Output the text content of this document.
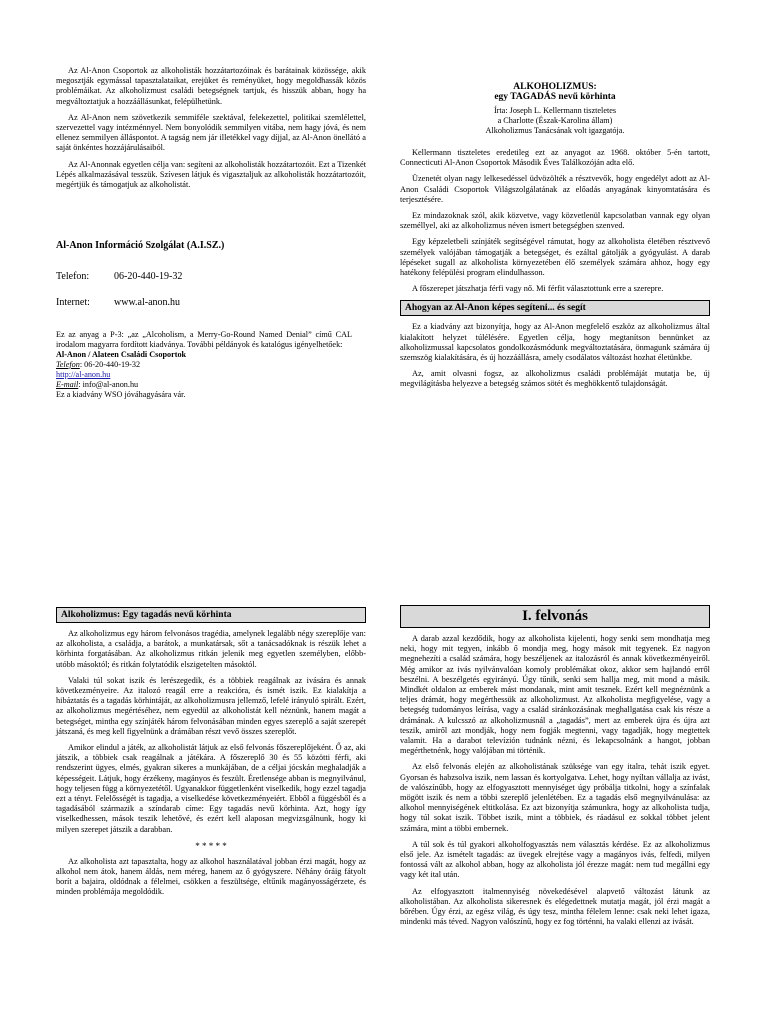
Az Al-Anon Csoportok az alkoholisták hozzátartozóinak és barátainak közössége, akik megosztják egymással tapasztalataikat, erejüket és reményüket, hogy megoldhassák közös problémáikat. Az alkoholizmust családi betegségnek tartjuk, és hisszük abban, hogy ha megváltoztatjuk a hozzáállásunkat, felépülhetünk.

Az Al-Anon nem szövetkezik semmiféle szektával, felekezettel, politikai szemlélettel, szervezettel vagy intézménnyel. Nem bonyolódik semmilyen vitába, nem hagy jóvá, és nem ellenez semmilyen álláspontot. A tagság nem jár illetékkel vagy díjjal, az Al-Anon önellátó a saját önkéntes hozzájárulásaiból.

Az Al-Anonnak egyetlen célja van: segíteni az alkoholisták hozzátartozóit. Ezt a Tizenkét Lépés alkalmazásával tesszük. Szívesen látjuk és vigasztaljuk az alkoholisták hozzátartozóit, megértjük és támogatjuk az alkoholistát.

Al-Anon Információ Szolgálat (A.I.SZ.)
Telefon:	06-20-440-19-32
Internet:	www.al-anon.hu
Ez az anyag a P-3: „az „Alcoholism, a Merry-Go-Round Named Denial” című CAL irodalom magyarra fordított kiadványa. További példányok és katalógus igényelhetőek:
Al-Anon / Alateen Családi Csoportok
Telefon: 06-20-440-19-32
http://al-anon.hu
E-mail: info@al-anon.hu
Ez a kiadvány WSO jóváhagyására vár.
ALKOHOLIZMUS:
egy TAGADÁS nevű körhinta
Írta: Joseph L. Kellermann tiszteletes
a Charlotte (Észak-Karolina állam)
Alkoholizmus Tanácsának volt igazgatója.

Kellermann tiszteletes eredetileg ezt az anyagot az 1968. október 5-én tartott, Connecticuti Al-Anon Csoportok Második Éves Találkozóján adta elő.

Üzenetét olyan nagy lelkesedéssel üdvözölték a résztvevők, hogy engedélyt adott az Al-Anon Családi Csoportok Világszolgálatának az előadás anyagának kinyomtatására és terjesztésére.

Ez mindazoknak szól, akik közvetve, vagy közvetlenül kapcsolatban vannak egy olyan személlyel, aki az alkoholizmus néven ismert betegségben szenved.

Egy képzeletbeli színjáték segítségével rámutat, hogy az alkoholista életében résztvevő személyek valójában támogatják a betegséget, és ezáltal gátolják a gyógyulást. A darab lépéseket sugall az alkoholista környezetében élő személyek számára ahhoz, hogy egy hatékony felépülési program elindulhasson.

A főszerepet játszhatja férfi vagy nő. Mi férfit választottunk erre a szerepre.

Ahogyan az Al-Anon képes segíteni... és segít

Ez a kiadvány azt bizonyítja, hogy az Al-Anon megfelelő eszköz az alkoholizmus által kialakított helyzet túlélésére. Egyetlen célja, hogy megtanítson bennünket az alkoholizmussal kapcsolatos gondolkozásmódunk megváltoztatására, önmagunk számára új szemszög kialakítására, és új hozzáállásra, amely csodálatos változást hozhat életünkbe.

Az, amit olvasni fogsz, az alkoholizmus családi problémáját mutatja be, új megvilágításba helyezve a betegség számos sötét és meghökkentő tulajdonságát.

Alkoholizmus: Egy tagadás nevű körhinta

Az alkoholizmus egy három felvonásos tragédia, amelynek legalább négy szereplője van: az alkoholista, a családja, a barátok, a munkatársak, sőt a tanácsadóknak is részük lehet a körhinta forgatásában. Az alkoholizmus ritkán jelenik meg egyetlen személyben, előbb-utóbb másoktól; és ritkán folytatódik elszigetelten másoktól.

Valaki túl sokat iszik és lerészegedik, és a többiek reagálnak az ivására és annak következményeire. Az italozó reagál erre a reakcióra, és ismét iszik. Ez kialakítja a hibáztatás és a tagadás körhintáját, az alkoholizmusra jellemző, lefelé irányuló spirált. Ezért, az alkoholizmus megértéséhez, nem egyedül az alkoholistát kell néznünk, hanem magát a betegséget, mintha egy színjáték három felvonásában minden egyes szereplő a saját szerepét játszaná, és meg kell figyelnünk a drámában részt vevő összes szereplőt.

Amikor elindul a játék, az alkoholistát látjuk az első felvonás főszereplőjeként. Ő az, aki játszik, a többiek csak reagálnak a játékára. A főszereplő 30 és 55 közötti férfi, aki rendszerint ügyes, elmés, gyakran sikeres a munkájában, de a céljai jócskán meghaladják a képességeit. Látjuk, hogy érzékeny, magányos és feszült. Éretlensége abban is megnyilvánul, hogy teljesen függ a környezetétől. Ugyanakkor függetlenként viselkedik, hogy ezzel tagadja ezt a tényt. Felelősségét is tagadja, a viselkedése következményeiért. Ebből a függésből és a tagadásából származik a színdarab címe: Egy tagadás nevű körhinta. Azt, hogy így viselkedhessen, mások teszik lehetővé, és ezért kell alaposan megvizsgálnunk, hogy ki milyen szerepet játszik a darabban.

* * * * *

Az alkoholista azt tapasztalta, hogy az alkohol használatával jobban érzi magát, hogy az alkohol nem átok, hanem áldás, nem méreg, hanem az ő gyógyszere. Néhány óráig fátyolt borít a bajaira, oldódnak a félelmei, csökken a feszültsége, eltűnik magányosságérzete, és minden problémája megoldódik.

I. felvonás

A darab azzal kezdődik, hogy az alkoholista kijelenti, hogy senki sem mondhatja meg neki, hogy mit tegyen, inkább ő mondja meg, hogy mások mit tegyenek. Ez nagyon megnehezíti a család számára, hogy beszéljenek az italozásról és annak következményeiről. Még amikor az ivás nyilvánvalóan komoly problémákat okoz, akkor sem hajlandó erről beszélni. A beszélgetés egyirányú. Úgy tűnik, senki sem hallja meg, mit mond a másik. Mindkét oldalon az emberek mást mondanak, mint amit tesznek. Ezért kell megnéznünk a teljes drámát, hogy megérthessük az alkoholizmust. Az alkoholista megfigyelése, vagy a betegség tudományos leírása, vagy a család siránkozásának meghallgatása csak kis része a drámának. A kulcsszó az alkoholizmusnál a „tagadás”, mert az emberek újra és újra azt teszik, amiről azt mondják, hogy nem fogják megtenni, vagy tagadják, hogy megtettek valamit. Ha a darabot televízión tudnánk nézni, és lekapcsolnánk a hangot, jobban megérthetnénk, hogy valójában mi történik.

Az első felvonás elején az alkoholistának szüksége van egy italra, tehát iszik egyet. Gyorsan és habzsolva iszik, nem lassan és kortyolgatva. Lehet, hogy nyíltan vállalja az ivást, de valószínűbb, hogy az elfogyasztott mennyiséget úgy próbálja titkolni, hogy a színfalak mögött iszik és nem a többi szereplő jelenlétében. Ez a tagadás első megnyilvánulása: az alkohol mennyiségének eltitkolása. Ez azt bizonyítja számunkra, hogy az alkoholista tudja, hogy túl sokat iszik. Többet iszik, mint a többiek, és ráadásul ez sokkal többet jelent számára, mint a többi embernek.

A túl sok és túl gyakori alkoholfogyasztás nem választás kérdése. Ez az alkoholizmus első jele. Az ismételt tagadás: az üvegek elrejtése vagy a magányos ivás, felfedi, milyen fontossá vált az alkohol abban, hogy az alkoholista jól érezze magát: nem tud megállni egy vagy két ital után.

Az elfogyasztott italmennyiség növekedésével alapvető változást látunk az alkoholistában. Az alkoholista sikeresnek és elégedettnek mutatja magát, jól érzi magát a bőrében. Úgy érzi, az egész világ, és úgy tesz, mintha félelem lenne: csak neki lehet igaza, mindenki más téved. Nagyon valószínű, hogy ez fog történni, ha valaki ellenzi az ivását.
